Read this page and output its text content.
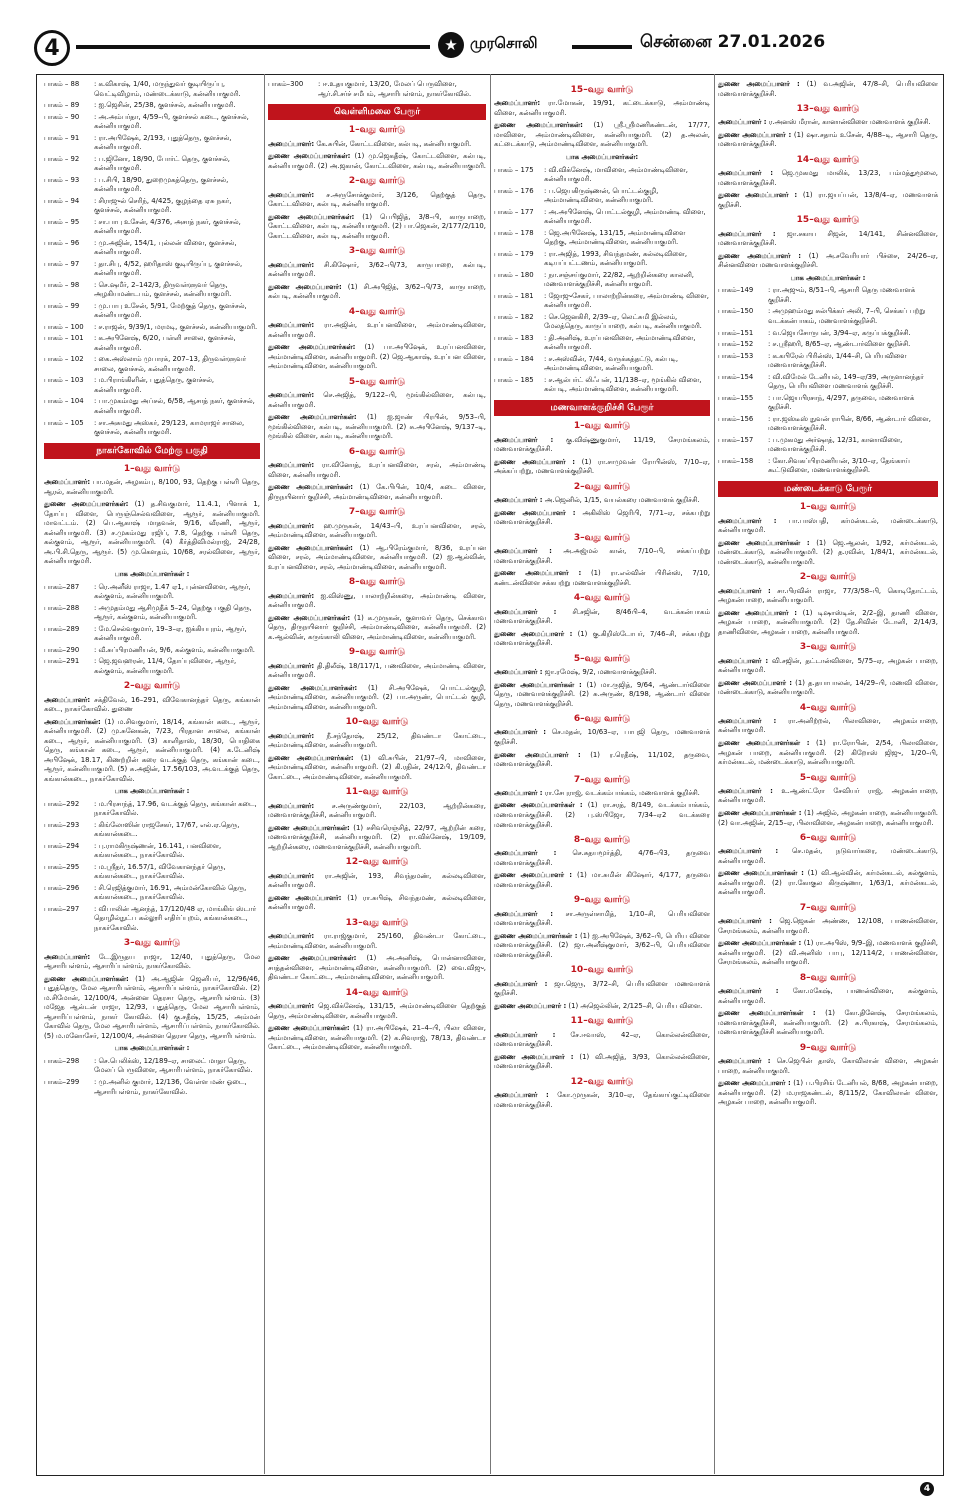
4	★ முரசொலி	சென்னை 27.01.2026
பாகம் – 88	: க.விகாஷ், 1/40, மருந்துவர் குடியிருப்பு, வெட்டிவிழாம், மண்டைக்காடு, கன்னியாகுமரி.
பாகம் – 89	: ஐ.ஜெசின், 25/38, குளச்சல், கன்னியாகுமரி.
பாகம் – 90	: அ.அம்பர்தா, 4/59–பி, குளச்சல் கடை, குளச்சல், கன்னியாகுமரி.
பாகம் – 91	: ரா.அபிஷேக், 2/193, புதுத்தெரு, குளச்சல், கன்னியாகுமரி.
பாகம் – 92	: ப.ஜினோ, 18/90, போர்ட் தெரு, குளச்சல், கன்னியாகுமரி.
பாகம் – 93	: ப.சிபி, 18/90, துறைமுகத்தெரு, குளச்சல், கன்னியாகுமரி.
பாகம் – 94	: சிராஜுல் செரிந், 4/425, குழந்தை ஏசு நகர், குளச்சல், கன்னியாகுமரி.
பாகம் – 95	: சா.பாபு உசேன், 4/376, அசாத் நகர், குளச்சல், கன்னியாகுமரி.
பாகம் – 96	: மு.அஜின், 154/1, புல்லன் விளை, குளச்சல், கன்னியாகுமரி.
பாகம் – 97	: தா.சிபு, 4/52, ஹரிதாஸ் குடியிருப்பு, குளச்சல், கன்னியாகுமரி.
பாகம் – 98	: செ.ஷமீர், 2–142/3, திருவள்ளுவர் தெரு, அழகியமண்டபம், குளச்சல், கன்னியாகுமரி.
பாகம் – 99	: மு.பாபு உசேன், 5/91, மேற்குத் தெரு, குளச்சல், கன்னியாகுமரி.
பாகம் – 100	: ச.ராஜன், 9/39/1, மரமடி, குளச்சல், கன்னியாகுமரி.
பாகம் – 101	: க.அபினேஷ், 6/20, பள்ளி சாலை, குளச்சல், கன்னியாகுமரி.
பாகம் – 102	: கை.அஸ்லாம் முபாரக், 207–13, திருவள்ளுவர் சாலை, குளச்சல், கன்னியாகுமரி.
பாகம் – 103	: ம.பிராங்கிளின், புதுத்தெரு, குளச்சல், கன்னியாகுமரி.
பாகம் – 104	: பா.முகம்மது அப்சல், 6/58, ஆசாத் நகர், குளச்சல், கன்னியாகுமரி.
பாகம் – 105	: சா.அசுமது அஸ்கர், 29/123, காமராஜர் சாலை, குளச்சல், கன்னியாகுமரி.
நாகர்கோவில் மேற்கு பகுதி
1–வது வார்டு
அமைப்பாளர்: பா.மதன், அழகம்பு, 8/100, 93, தெற்கு பள்ளி தெரு, ஆரல், கன்னியாகுமரி.
துணை அமைப்பாளர்கள்: (1) த.சிவகுமார், 11.4.1, பிளாக் 1, தோப்பு விளை, பெருஞ்செல்வவிளை, ஆரூர், கன்னியாகுமரி. மாவட்டம். (2) பெ.ஆகாஷ் மாதவன், 9/16, வீரணி, ஆரூர், கன்னியாகுமரி. (3) ச.முகம்மது ரஜிப், 7.8, தெற்கு பள்ளி தெரு, கல்குளம், ஆரூர், கன்னியாகுமரி. (4) கீர்த்திவிமல்ராஜ், 24/28, அ.பி.சி.தெரு, ஆரூர். (5) மு.கௌதம், 10/68, சரல்விளை, ஆரூர், கன்னியாகுமரி.
பாக அமைப்பாளர்கள் :
பாகம்–287	: ரெ.அனீஸ் ராஜா, 1.47 ஏ1, புன்னவிளை, ஆரூர், கல்குளம், கன்னியாகுமரி.
பாகம்–288	: அமுதம்மது ஆசிமுதீக் 5–24, தெற்கு பகுதி தெரு, ஆரூர், கல்குளம், கன்னியாகுமரி.
பாகம்–289	: மே.செல்வகுமார், 19–3–ஏ, ஐக்கியபுரம், ஆரூர், கன்னியாகுமரி.
பாகம்–290	: வீ.சுப்பிரமணியன், 9/6, கல்குளம், கன்னியாகுமரி.
பாகம்–291	: ஜெ.ஜவஹரன், 11/4, தோப்புவிளை, ஆரூர், கல்குளம், கன்னியாகுமரி.
2–வது வார்டு
அமைப்பாளர்: சக்திவேல், 16–291, விவேகானந்தர் தெரு, கங்கான் கடை, நாகர்கோவில். துணை
அமைப்பாளர்கள்: (1) ம.சிவகுமார், 18/14, கங்கான் கடை, ஆரூர், கன்னியாகுமரி. (2) மு.சுனேகன், 7/23, பிரதான சாலை, கங்கான் கடை, ஆரூர், கன்னியாகுமரி. (3) காளிதாஸ், 18/30, பொதிகை தெரு, கங்கான் கடை, ஆரூர், கன்னியாகுமரி. (4) க.டேனிஷ் அபிஷேக், 18.17, கிணற்றின் கரை வடக்குத் தெரு, கங்கான் கடை, ஆரூர், கன்னியாகுமரி. (5) சு.அஜின், 17.56/103, அ.வடக்குத் தெரு, கங்கான்கடை, நாகர்கோவில்.
பாக அமைப்பாளர்கள் :
பாகம்–292	: ம.பிரசாந்த், 17.96, வடக்குத் தெரு, கங்கான் கடை, நாகர்கோவில்.
பாகம்–293	: கிங்லோஸின் ராஜசேகர், 17/67, எல்.ஏ.தெரு, கங்கான்கடை.
பாகம்–294	: பு.ராமகிருஷ்ணன், 16.141, பனவிளை, கங்கான்கடை, நாகர்கோவில்.
பாகம்–295	: ம.ஸ்ரீதர், 16.57/1, விவேகானந்தர் தெரு, கங்கான்கடை, நாகர்கோவில்.
பாகம்–296	: சி.ரெஜித்குமார், 16.91, அம்மன்கோவில் தெரு, கங்கான்கடை, நாகர்கோவில்.
பாகம்–297	: விபாலின் ஆனந்த், 17/120/48 ஏ, மாங்கிங் ஸ்டார் தொழில்நுட்ப கல்லூரி எதிர்ப்புறம், கங்கான்கடை, நாகர்கோவில்.
3–வது வார்டு
அமைப்பாளர்: டே.இருதய ராஜா, 12/40, புதுத்தெரு, மேல ஆசாரிபள்ளம், ஆசாரிப்பள்ளம், நாகர்கோவில்.
துணை அமைப்பாளர்கள்: (1) அ.ஆஜின் ஜெனிபர், 12/96/46, புதுத்தெரு, மேல ஆசாரிபள்ளம், ஆசாரிப்பள்ளம், நாகர்கோவில். (2) ம.சிமோன், 12/100/4, அன்னை தெரசா தெரு, ஆசாரிபள்ளம். (3) மஜேத ஆல்டன் ராஜா, 12/93, புதுத்தெரு, மேல ஆசாரிபள்ளம், ஆசாரிப்பள்ளம், நாகர் கோவில். (4) கு.சதீஷ், 15/25, அம்மன் கோவில் தெரு, மேல ஆசாரிபள்ளம், ஆசாரிப்பள்ளம், நாகர்கோவில். (5) ம.மனோசேர், 12/100/4, அன்னை தெரசா தெரு, ஆசாரிபள்ளம்.
பாக அமைப்பாளர்கள் :
பாகம்–298	: செ.பெலிக்ஸ், 12/189–ஏ, சாலைட் மாதா தெரு, மேலப் பெருவிளை, ஆசாரிபள்ளம், நாகர்கோவில்.
பாகம்–299	: மு.அனில் குமார், 12/136, வேள்ள மண் ஓடை, ஆசாரிபள்ளம், நாகர்கோவில்.
பாகம்–300	: ஈ.உதயகுமார், 13/20, மேலப் பெருவிளை, ஆர்.சி.சர்ச் சமீபம், ஆசாரிபள்ளம், நாகர்கோவில்.
வெள்ளிமலை பேரூர்
1–வது வார்டு
அமைப்பாளர்: கே.சுபின், கோட்டவிளை, கல்படி, கன்னியாகுமரி.
துணை அமைப்பாளர்கள்: (1) மு.ஜெகதீஷ், கோட்டவிளை, கல்படி, கன்னியாகுமரி. (2) அ.ஜகான், கோட்டவிளை, கல்படி, கன்னியாகுமரி.
2–வது வார்டு
அமைப்பாளர்: ச.அருசோக்குமார், 3/126, தெற்குத் தெரு, கோட்டவிளை, கல்படி, கன்னியாகுமரி.
துணை அமைப்பாளர்கள்: (1) பெபிஜித், 3/8–பி, காருபாறை, கோட்டவிளை, கல்படி, கன்னியாகுமரி. (2) பா.ஜெகன், 2/177/2/110, கோட்டவிளை, கல்படி, கன்னியாகுமரி.
3–வது வார்டு
அமைப்பாளர்: சி.கிஷோர், 3/62–பி/73, காருபாறை, கல்படி, கன்னியாகுமரி.
துணை அமைப்பாளர்: (1) சி.அபிஜித், 3/62–பி/73, காருபாறை, கல்படி, கன்னியாகுமரி.
4–வது வார்டு
அமைப்பாளர்: ரா.அஜின், உரப்பனவிளை, அம்மாண்டிவிளை, கன்னியாகுமரி.
துணை அமைப்பாளர்கள்: (1) பா.அபிஷேக், உரப்பனவிளை, அம்மாண்டிவிளை, கன்னியாகுமரி. (2) ஜெ.ஆகாஷ், உரப்பன விளை, அம்மாண்டிவிளை, கன்னியாகுமரி.
5–வது வார்டு
அமைப்பாளர்: செ.அஜித், 9/122–பி, மூங்கில்விளை, கல்படி, கன்னியாகுமரி.
துணை அமைப்பாளர்கள்: (1) ஐ.ஜாண் பிரபின், 9/53–பி, மூங்கில்விளை, கல்படி, கன்னியாகுமரி. (2) சு.அபினேஷ், 9/137–டி, மூங்கில் விளை, கல்படி, கன்னியாகுமரி.
6–வது வார்டு
அமைப்பாளர்: ரா.வினோத், உரப்பனவிளை, சரல், அம்மாண்டி விளை, கன்னியாகுமரி.
துணை அமைப்பாளர்கள்: (1) கே.பிபின், 10/4, கடை விளை, திருநயினார் குறிச்சி, அம்மாண்டிவிளை, கன்னியாகுமரி.
7–வது வார்டு
அமைப்பாளர்: ஹ.முருகன், 14/43–பி, உரப்பனவிளை, சரல், அம்மாண்டிவிளை, கன்னியாகுமரி.
துணை அமைப்பாளர்கள்: (1) ஆ.பிரேம்குமார், 8/36, உரப்பன விளை, சரல், அம்மாண்டிவிளை, கன்னியாகுமரி. (2) ஐ.ஆல்வின், உரப்பனவிளை, சரல், அம்மாண்டிவிளை, கன்னியாகுமரி.
8–வது வார்டு
அமைப்பாளர்: ஐ.விஸ்ணு, பாலாற்றின்கரை, அம்மாண்டி விளை, கன்னியாகுமரி.
துணை அமைப்பாளர்கள்: (1) க.முருகன், குளாவர் தெரு, செக்காவ தெரு, திருநயினார் குறிச்சி, அம்மாண்டிவிளை, கன்னியாகுமரி. (2) க.ஆல்வின், கருங்காலி விளை, அம்மாண்டிவிளை, கன்னியாகுமரி.
9–வது வார்டு
அமைப்பாளர்: தி.திலீஷ், 18/117/1, பணவிளை, அம்மாண்டி விளை, கன்னியாகுமரி.
துணை அமைப்பாளர்கள்: (1) சி.அபிஷேக், பொட்டல்குழி, அம்மாண்டிவிளை, கன்னியாகுமரி. (2) பா.அருண், பொட்டல் குழி, அம்மாண்டிவிளை, கன்னியாகுமரி.
10–வது வார்டு
அமைப்பாளர்: நீ.சந்தோஷ், 25/12, திவண்டா கோட்டை, அம்மாண்டிவிளை, கன்னியாகுமரி.
துணை அமைப்பாளர்கள்: (1) வி.சுபின், 21/97–பி, மாவிளை, அம்மாண்டிவிளை, கன்னியாகுமரி. (2) கி.ரதின், 24/12பி, திவண்டா கோட்டை, அம்மாண்டிவிளை, கன்னியாகுமரி.
11–வது வார்டு
அமைப்பாளர்: ச.அருண்குமார், 22/103, ஆற்றின்கரை, மணவாளக்குறிச்சி, கன்னியாகுமரி.
துணை அமைப்பாளர்கள்: (1) சசிவரெஞ்சித், 22/97, ஆற்றின் கரை, மணவாளக்குறிச்சி, கன்னியாகுமரி. (2) ரா.விக்னேஷ், 19/109, ஆற்றின்கரை, மணவாளக்குறிச்சி, கன்னியாகுமரி.
12–வது வார்டு
அமைப்பாளர்: ரா.அஜின், 193, சிவந்தமண், கல்லடிவிளை, கன்னியாகுமரி.
துணை அமைப்பாளர்: (1) ரா.சுபிஷ், சிவந்தமண், கல்லடிவிளை, கன்னியாகுமரி.
13–வது வார்டு
அமைப்பாளர்: ரா.ராஜ்குமார், 25/160, திவண்டா கோட்டை, அம்மாண்டிவிளை, கன்னியாகுமரி.
துணை அமைப்பாளர்கள்: (1) அ.அனிஷ், பொன்னாவிளை, சாத்தன்விளை, அம்மாண்டிவிளை, கன்னியாகுமரி. (2) வை.விஜு, திவண்டா கோட்டை, அம்மாண்டிவிளை, கன்னியாகுமரி.
14–வது வார்டு
அமைப்பாளர்: ஜெ.விக்னேஷ், 131/15, அம்மாண்டிவிளை தெற்குத் தெரு, அம்மாண்டிவிளை, கன்னியாகுமரி.
துணை அமைப்பாளர்கள்: (1) ரா.அபிஷேக், 21–4–பி, பிலா விளை, அம்மாண்டிவிளை, கன்னியாகுமரி. (2) க.சிவராஜ், 78/13, திவண்டா கோட்டை, அம்மாண்டிவிளை, கன்னியாகுமரி.
15–வது வார்டு
அமைப்பாளர்: ரா.மோகன், 19/91, கட்டைக்காடு, அம்மாண்டி விளை, கன்னியாகுமரி.
துணை அமைப்பாளர்கள்: (1) ஸ்ரீ.ஸ்ரீமணிகண்டன், 17/77, மாவிளை, அம்மாண்டிவிளை, கன்னியாகுமரி. (2) த.அலன், கட்டைக்காடு, அம்மாண்டிவிளை, கன்னியாகுமரி.
பாக அமைப்பாளர்கள்:
பாகம் – 175	: வி.விக்னேஷ், மாவிளை, அம்மாண்டிவிளை, கன்னியாகுமரி.
பாகம் – 176	: ப.ஜெயகிருஷ்ணன், பொட்டல்குழி, அம்மாண்டிவிளை, கன்னியாகுமரி.
பாகம் – 177	: அ.அபினேஷ், பொட்டல்குழி, அம்மாண்டி விளை, கன்னியாகுமரி.
பாகம் – 178	: ஜெ.அபினேஷ், 131/15, அம்மாண்டிவிளை தெற்கு, அம்மாண்டிவிளை, கன்னியாகுமரி.
பாகம் – 179	: ரா.அஜித், 1993, சிவந்தமண், கல்லடிவிளை, கடியப்பட்டணம், கன்னியாகுமரி.
பாகம் – 180	: நா.சஞ்சய்குமார், 22/82, ஆற்றின்கரை காலனி, மணவாளக்குறிச்சி, கன்னியாகுமரி.
பாகம் – 181	: ஜோஜுசேகர், பாலாற்றின்கரை, அம்மாண்டி விளை, கன்னியாகுமரி.
பாகம் – 182	: செ.ஜெனகிரி, 2/39–ஏ, லெட்சுமி இல்லம், மேலத்தெரு, காருப்பாறை, கல்படி, கன்னியாகுமரி.
பாகம் – 183	: தி.அனிஷ், உரப்பனவிளை, அம்மாண்டிவிளை, கன்னியாகுமரி.
பாகம் – 184	: ச.அஸ்வின், 7/44, வருக்கத்தட்டு, கல்படி, அம்மாண்டிவிளை, கன்னியாகுமரி.
பாகம் – 185	: ச.ஆல்பர்ட் லிஃபன், 11/138–ஏ, மூங்கில் விளை, கல்படி, அம்மாண்டிவிளை, கன்னியாகுமரி.
மணவாளக்குறிச்சி பேரூர்
1–வது வார்டு
அமைப்பாளர் : கு.விஷ்ணுகுமார், 11/19, சேரமங்கலம், மணவாளக்குறிச்சி.
துணை அமைப்பாளர் : (1) ரா.சாமுவன் ரோபின்ஸ், 7/10–ஏ, அக்கப்பற்று, மணவாளக்குறிச்சி.
2–வது வார்டு
அமைப்பாளர் : அ.ஜெனில், 1/15, வயல்கரை மணவாளக் குறிச்சி.
துணை அமைப்பாளர் : அகிலிஸ் ஜெரிபி, 7/71–ஏ, சக்கபற்று மணவாளக்குறிச்சி.
3–வது வார்டு
அமைப்பாளர் : அ.அஜ்மல் கான், 7/10–பி, சக்கப்பற்று மணவாளக்குறிச்சி.
துணை அமைப்பாளர் : (1) ரா.எல்வின் பிரின்ஸ், 7/10, கண்டன்விளை சக்கபற்று மணவாளக்குறிச்சி.
4–வது வார்டு
அமைப்பாளர் : சி.சஜின், 8/46பி–4, வடக்கன்பாகம் மணவாளக்குறிச்சி.
துணை அமைப்பாளர் : (1) கு.கிறிஸ்டோபர், 7/46–சி, சக்கபற்று மணவாளக்குறிச்சி.
5–வது வார்டு
அமைப்பாளர் : ஜா.ரமேஷ், 9/2, மணவாளக்குறிச்சி.
துணை அமைப்பாளர்கள் : (1) மா.ருஜித், 9/64, ஆண்டார்விளை தெரு, மணவாளக்குறிச்சி. (2) சு.அருண், 8/198, ஆண்டார் விளை தெரு, மணவாளக்குறிச்சி.
6–வது வார்டு
அமைப்பாளர் : செ.மதன், 10/63–ஏ, பாபுஜி தெரு, மணவாளக் குறிச்சி.
துணை அமைப்பாளர் : (1) ர.ரெதீஷ், 11/102, தருவை, மணவாளக்குறிச்சி.
7–வது வார்டு
அமைப்பாளர் : ரா.சேபுராஜ், வடக்கம்பாக்கம், மணவாளக் குறிச்சி.
துணை அமைப்பாளர்கள் : (1) ரா.சரத், 8/149, வடக்கம்பாக்கம், மணவாளக்குறிச்சி. (2) பு.ஸ்பிஜோ, 7/34–ஏ2 வடக்கரை மணவாளக்குறிச்சி.
8–வது வார்டு
அமைப்பாளர் : செ.சுதயமூர்த்தி, 4/76–பி3, தருவை மணவாளக்குறிச்சி.
துணை அமைப்பாளர் : (1) மா.சுமின் கிஷோர், 4/177, தருவை மணவாளக்குறிச்சி.
9–வது வார்டு
அமைப்பாளர் : சா.அருள்சாமித், 1/10–சி, பெரியவிளை மணவாளக்குறிச்சி.
துணை அமைப்பாளர்கள் : (1) ஐ.அபிஷேக், 3/62–பி, பெரிய விளை மணவாளக்குறிச்சி. (2) ஜா.அனீஷ்குமார், 3/62–பி, பெரியவிளை மணவாளக்குறிச்சி.
10–வது வார்டு
அமைப்பாளர் : ஜா.ஜெரு, 3/72–சி, பெரியவிளை மணவாளக் குறிச்சி.
துணை அமைப்பாளர் : (1) அஜெல்லின், 2/125–சி, பெரிய விளை.
11–வது வார்டு
அமைப்பாளர் : சே.ஈவாஸ், 42–ஏ, கொல்லன்விளை, மணவாளக்குறிச்சி.
துணை அமைப்பாளர் : (1) வி.அஜித், 3/93, கொல்லன்விளை, மணவாளக்குறிச்சி.
12–வது வார்டு
அமைப்பாளர் : கோ.முருகன், 3/10–ஏ, தேங்காய்குட்டிவிளை மணவாளக்குறிச்சி.
துணை அமைப்பாளர் : (1) வ.அஜின், 47/8–சி, பெரியவிளை மணவாளக்குறிச்சி.
13–வது வார்டு
அமைப்பாளர் : ர.அனஸ் மீரான், கானான்விளை மணவாளக் குறிச்சி.
துணை அமைப்பாளர் : (1) ஷா.சதாம் உசேன், 4/88–டி, ஆசாரி தெரு, மணவாளக்குறிச்சி.
14–வது வார்டு
அமைப்பாளர் : ஜெ.முகமது மாலிக், 13/23, பம்மத்துமூலை, மணவாளக்குறிச்சி.
துணை அமைப்பாளர் : (1) ரா.ஜயப்பன், 13/8/4–ஏ, மணவாளக் குறிச்சி.
15–வது வார்டு
அமைப்பாளர் : ஜா.சகாய சிஜன், 14/141, சின்னவிளை, மணவாளக்குறிச்சி.
துணை அமைப்பாளர் : (1) அ.சவேரியார் பிச்சை, 24/26–ஏ, சின்னவிளை மணவாளக்குறிச்சி.
பாக அமைப்பாளர்கள் :
பாகம்–149	: ரா.அஜும், 8/51–பி, ஆசாரி தெரு மணவாளக் குறிச்சி.
பாகம்–150	: அமுஹம்மது சுல்பிக்கர் அலி, 7–பி, செக்கப் பற்று வடக்கன்பாகம், மணவாளக்குறிச்சி.
பாகம்–151	: வ.ஜெயசோருபன், 3/94–ஏ, கருப்பக்குறிச்சி.
பாகம்–152	: ச.ஸ்ரீஹரி, 8/65–ஏ, ஆண்டார்விளை குறிச்சி.
பாகம்–153	: க.கபிரேல் பிரின்ஸ், 1/44–சி, பெரியவிளை மணவாளக்குறிச்சி.
பாகம்–154	: வி.விமேல் டேனியல், 149–ஏ/39, அருளானந்தர் தெரு, பெரியவிளை மணவாளக் குறிச்சி.
பாகம்–155	: பா.ஜெயபிரசாந், 4/297, தருவை, மணவாளக் குறிச்சி.
பாகம்–156	: ரா.ஜஸ்டீஸ் நுவன் ராபின், 8/66, ஆண்டார் விளை, மணவாளக்குறிச்சி.
பாகம்–157	: ப.முகமது அர்ஷாத், 12/31, கானாவிளை, மணவாளக்குறிச்சி.
பாகம்–158	: கோ.சிவகப்பிரமணியன், 3/10–ஏ, தேங்காய் கூட்டுவிளை, மணவாளக்குறிச்சி.
மண்டைக்காடு பேரூர்
1–வது வார்டு
அமைப்பாளர் : பா.பாஸ்பதி, கர்மன்கடல், மண்டைக்காடு, கன்னியாகுமரி.
துணை அமைப்பாளர்கள் : (1) ஜெ.ஆலன், 1/92, கர்மன்கடல், மண்டைக்காடு, கன்னியாகுமரி. (2) த.ரவின், 1/84/1, கர்மன்கடல், மண்டைக்காடு, கன்னியாகுமரி.
2–வது வார்டு
அமைப்பாளர் : சா.பிரவின் ராஜா, 77/3/58–பி, கொடிதோட்டம், அழகன்பாறை, கன்னியாகுமரி.
துணை அமைப்பாளர் : (1) டிஷாஸ்டின், 2/2–இ, தாணி விளை, அழகன் பாறை, கன்னியாகுமரி. (2) தே.சிவின் டோனி, 2/14/3, தாணிவிளை, அழகன் பாறை, கன்னியாகுமரி.
3–வது வார்டு
அமைப்பாளர் : வி.சஜின், தட்டான்விளை, 5/75–ஏ, அழகன் பாறை, கன்னியாகுமரி.
துணை அமைப்பாளர் : (1) த.தயாபாலன், 14/29–பி, மணவி விளை, மண்டைக்காடு, கன்னியாகுமரி.
4–வது வார்டு
அமைப்பாளர் : ரா.அனிற்றல், பிலாவிளை, அழகம்பாறை, கன்னியாகுமரி.
துணை அமைப்பாளர்கள் : (1) ரா.ரோபின், 2/54, பிலாவிளை, அழகன் பாறை, கன்னியாகுமரி. (2) கிறோஸ் ஜிஜு, 1/20–பி, கர்மன்கடல், மண்டைக்காடு, கன்னியாகுமரி.
5–வது வார்டு
அமைப்பாளர் : உ.ஆண்ட்ரோ சேவியர் ராஜ், அழகன்பாறை, கன்னியாகுமரி.
துணை அமைப்பாளர்கள் : (1) அஜில், அழகன்பாறை, கன்னியாகுமரி. (2) வா.அஜின், 2/15–ஏ, பிலாவிளை, அழகன்பாறை, கன்னியாகுமரி.
6–வது வார்டு
அமைப்பாளர் : செ.மதன், நடுவார்கரை, மண்டைக்காடு, கன்னியாகுமரி.
துணை அமைப்பாளர்கள் : (1) வி.ஆல்வின், கர்மன்கடல், கல்குளம், கன்னியாகுமரி. (2) ரா.கோகுல கிருஷ்ணா, 1/63/1, கர்மன்கடல், கன்னியாகுமரி.
7–வது வார்டு
அமைப்பாளர் : ஜெ.ஜெகன் அண்ண, 12/108, பாணன்விளை, சேரமங்கலம், கன்னியாகுமரி.
துணை அமைப்பாளர்கள் : (1) ரா.அபிஸ், 9/9–இ, மணவாளக் குறிச்சி, கன்னியாகுமரி. (2) வி.அனிஸ் பாபு, 12/114/2, பாணன்விளை, சேரமங்கலம், கன்னியாகுமரி.
8–வது வார்டு
அமைப்பாளர் : கோ.மகேஷ், பாணன்விளை, கல்குளம், கன்னியாகுமரி.
துணை அமைப்பாளர்கள் : (1) கோ.தினேஷ், சேரமங்கலம், மணவாளக்குறிச்சி, கன்னியாகுமரி. (2) சு.பிரகாஷ், சேரமங்கலம், மணவாளக்குறிச்சி கன்னியாகுமரி.
9–வது வார்டு
அமைப்பாளர் : செ.ஜெபின் தாஸ், கோவிலான் விளை, அழகன் பாறை, கன்னியாகுமரி.
துணை அமைப்பாளர் : (1) ப.பிரசிங் டேனியல், 8/68, அழகன்பாறை, கன்னியாகுமரி. (2) ம.ராஜகண்டல், 8/115/2, கோவிலான் விளை, அழகன் பாறை, கன்னியாகுமரி.
4
